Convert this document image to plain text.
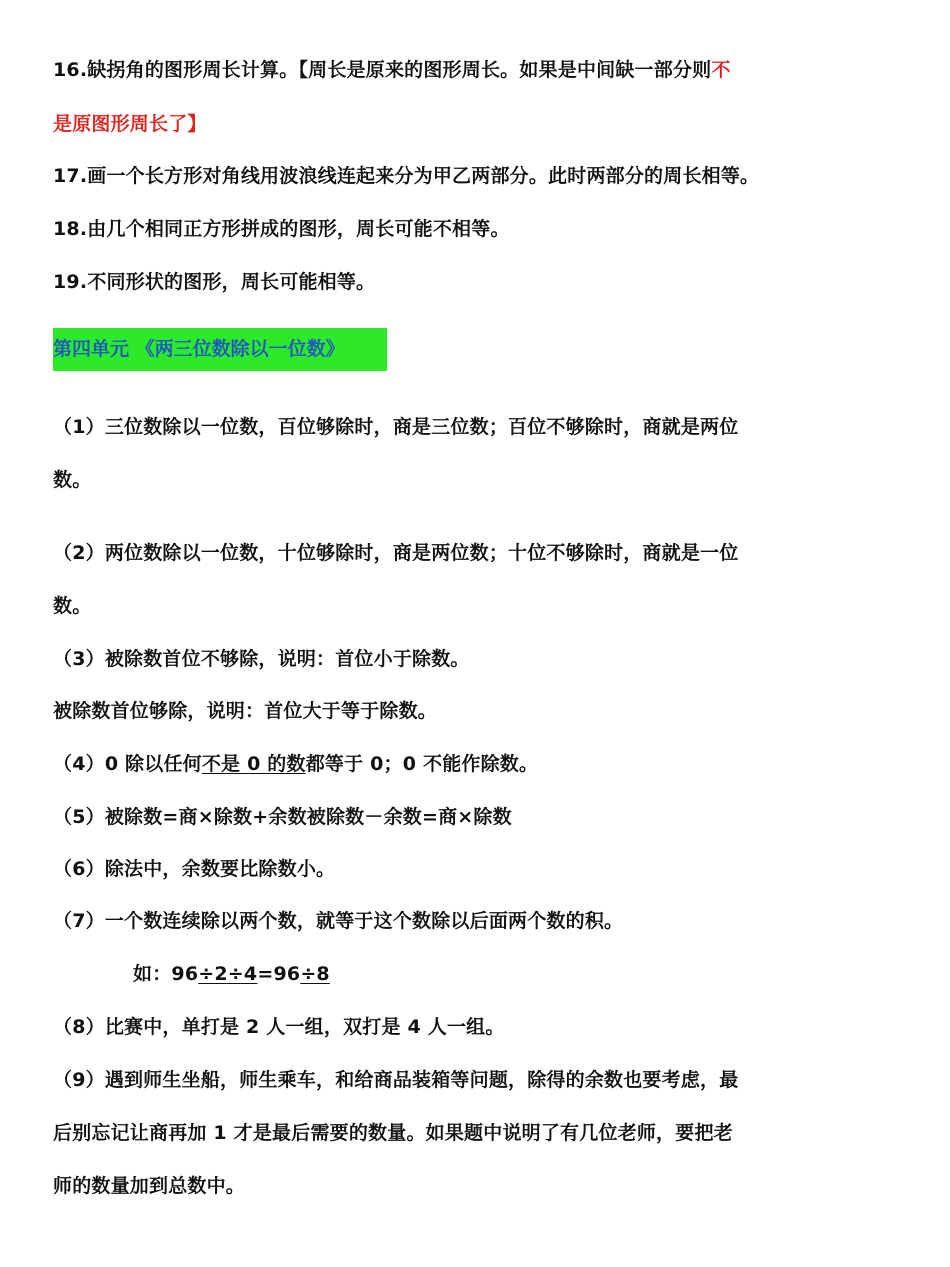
16.缺拐角的图形周长计算。【周长是原来的图形周长。如果是中间缺一部分则不
是原图形周长了】
17.画一个长方形对角线用波浪线连起来分为甲乙两部分。此时两部分的周长相等。
18.由几个相同正方形拼成的图形，周长可能不相等。
19.不同形状的图形，周长可能相等。
第四单元 《两三位数除以一位数》
（1）三位数除以一位数，百位够除时，商是三位数；百位不够除时，商就是两位
数。
（2）两位数除以一位数，十位够除时，商是两位数；十位不够除时，商就是一位
数。
（3）被除数首位不够除，说明：首位小于除数。
被除数首位够除，说明：首位大于等于除数。
（4）0 除以任何不是 0 的数都等于 0；0 不能作除数。
（5）被除数=商×除数+余数被除数－余数=商×除数
（6）除法中，余数要比除数小。
（7）一个数连续除以两个数，就等于这个数除以后面两个数的积。
如：96÷2÷4=96÷8
（8）比赛中，单打是 2 人一组，双打是 4 人一组。
（9）遇到师生坐船，师生乘车，和给商品装箱等问题，除得的余数也要考虑，最
后别忘记让商再加 1 才是最后需要的数量。如果题中说明了有几位老师，要把老
师的数量加到总数中。
